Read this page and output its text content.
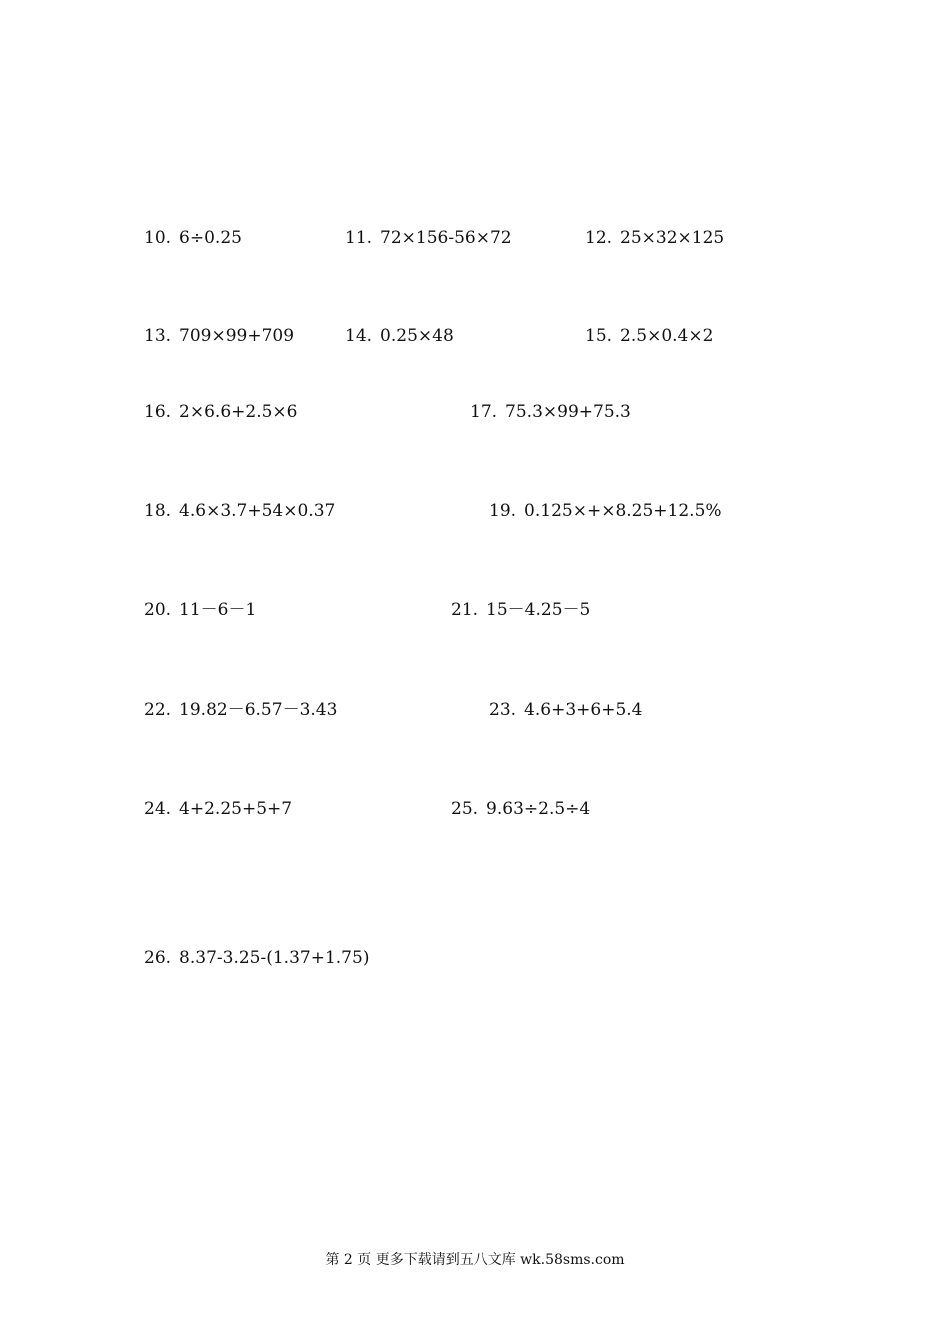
10. 6÷0.25	11. 72×156-56×72	12. 25×32×125
13. 709×99+709	14. 0.25×48	15. 2.5×0.4×2
16. 2×6.6+2.5×6	17. 75.3×99+75.3
18. 4.6×3.7+54×0.37	19. 0.125×+×8.25+12.5%
20. 11－6－1	21. 15－4.25－5
22. 19.82－6.57－3.43	23. 4.6+3+6+5.4
24. 4+2.25+5+7	25. 9.63÷2.5÷4
26. 8.37-3.25-(1.37+1.75)
第 2 页 更多下载请到五八文库 wk.58sms.com
